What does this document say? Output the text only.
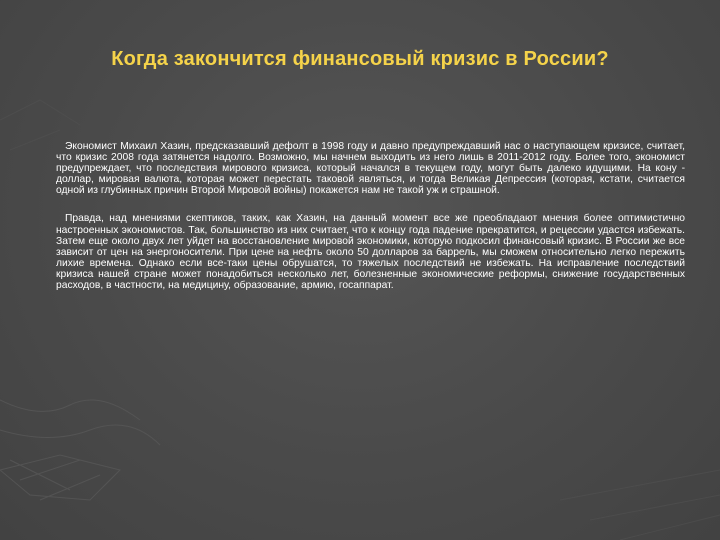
Когда закончится финансовый кризис в России?

Экономист Михаил Хазин, предсказавший дефолт в 1998 году и давно предупреждавший нас о наступающем кризисе, считает, что кризис 2008 года затянется надолго. Возможно, мы начнем выходить из него лишь в 2011-2012 году. Более того, экономист предупреждает, что последствия мирового кризиса, который начался в текущем году, могут быть далеко идущими. На кону - доллар, мировая валюта, которая может перестать таковой являться, и тогда Великая Депрессия (которая, кстати, считается одной из глубинных причин Второй Мировой войны) покажется нам не такой уж и страшной.

Правда, над мнениями скептиков, таких, как Хазин, на данный момент все же преобладают мнения более оптимистично настроенных экономистов. Так, большинство из них считает, что к концу года падение прекратится, и рецессии удастся избежать. Затем еще около двух лет уйдет на восстановление мировой экономики, которую подкосил финансовый кризис. В России же все зависит от цен на энергоносители. При цене на нефть около 50 долларов за баррель, мы сможем относительно легко пережить лихие времена. Однако если все-таки цены обрушатся, то тяжелых последствий не избежать. На исправление последствий кризиса нашей стране может понадобиться несколько лет, болезненные экономические реформы, снижение государственных расходов, в частности, на медицину, образование, армию, госаппарат.
